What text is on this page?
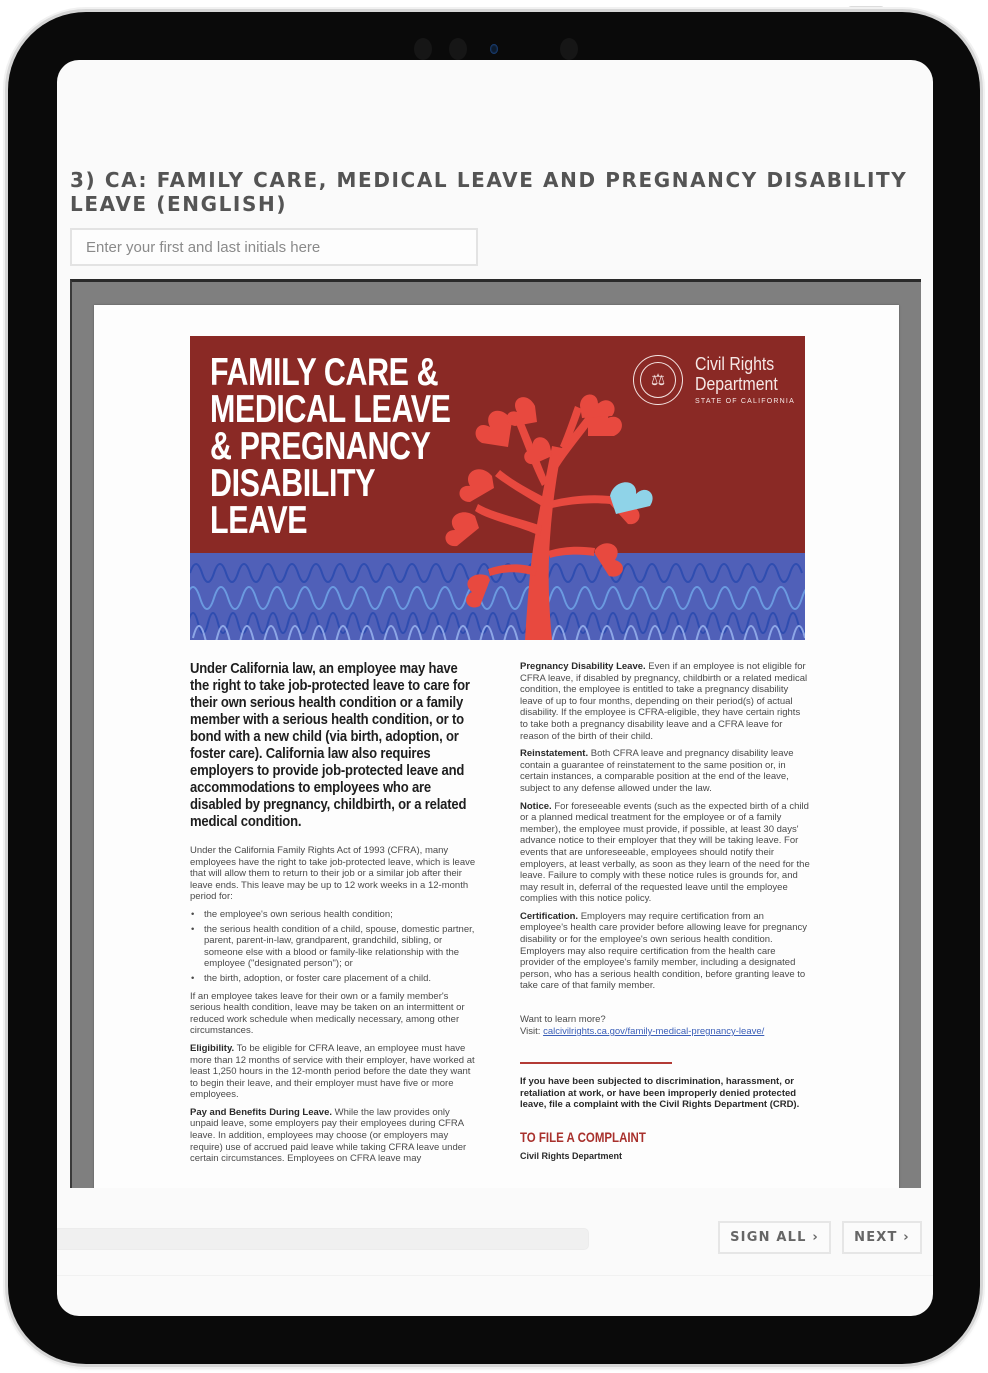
3) CA: FAMILY CARE, MEDICAL LEAVE AND PREGNANCY DISABILITY LEAVE (ENGLISH)
Enter your first and last initials here
FAMILY CARE &
MEDICAL LEAVE
& PREGNANCY
DISABILITY
LEAVE
⚖
Civil Rights
Department
STATE OF CALIFORNIA

Under California law, an employee may have the right to take job-protected leave to care for their own serious health condition or a family member with a serious health condition, or to bond with a new child (via birth, adoption, or foster care). California law also requires employers to provide job-protected leave and accommodations to employees who are disabled by pregnancy, childbirth, or a related medical condition.

Under the California Family Rights Act of 1993 (CFRA), many employees have the right to take job-protected leave, which is leave that will allow them to return to their job or a similar job after their leave ends. This leave may be up to 12 work weeks in a 12-month period for:

• the employee's own serious health condition;
• the serious health condition of a child, spouse, domestic partner, parent, parent-in-law, grandparent, grandchild, sibling, or someone else with a blood or family-like relationship with the employee ("designated person"); or
• the birth, adoption, or foster care placement of a child.

If an employee takes leave for their own or a family member's serious health condition, leave may be taken on an intermittent or reduced work schedule when medically necessary, among other circumstances.

Eligibility. To be eligible for CFRA leave, an employee must have more than 12 months of service with their employer, have worked at least 1,250 hours in the 12-month period before the date they want to begin their leave, and their employer must have five or more employees.

Pay and Benefits During Leave. While the law provides only unpaid leave, some employers pay their employees during CFRA leave. In addition, employees may choose (or employers may require) use of accrued paid leave while taking CFRA leave under certain circumstances. Employees on CFRA leave may

Pregnancy Disability Leave. Even if an employee is not eligible for CFRA leave, if disabled by pregnancy, childbirth or a related medical condition, the employee is entitled to take a pregnancy disability leave of up to four months, depending on their period(s) of actual disability. If the employee is CFRA-eligible, they have certain rights to take both a pregnancy disability leave and a CFRA leave for reason of the birth of their child.

Reinstatement. Both CFRA leave and pregnancy disability leave contain a guarantee of reinstatement to the same position or, in certain instances, a comparable position at the end of the leave, subject to any defense allowed under the law.

Notice. For foreseeable events (such as the expected birth of a child or a planned medical treatment for the employee or of a family member), the employee must provide, if possible, at least 30 days' advance notice to their employer that they will be taking leave. For events that are unforeseeable, employees should notify their employers, at least verbally, as soon as they learn of the need for the leave. Failure to comply with these notice rules is grounds for, and may result in, deferral of the requested leave until the employee complies with this notice policy.

Certification. Employers may require certification from an employee's health care provider before allowing leave for pregnancy disability or for the employee's own serious health condition. Employers may also require certification from the health care provider of the employee's family member, including a designated person, who has a serious health condition, before granting leave to take care of that family member.

Want to learn more?
Visit: calcivilrights.ca.gov/family-medical-pregnancy-leave/

If you have been subjected to discrimination, harassment, or retaliation at work, or have been improperly denied protected leave, file a complaint with the Civil Rights Department (CRD).

TO FILE A COMPLAINT
Civil Rights Department
SIGN ALL ›	NEXT ›
